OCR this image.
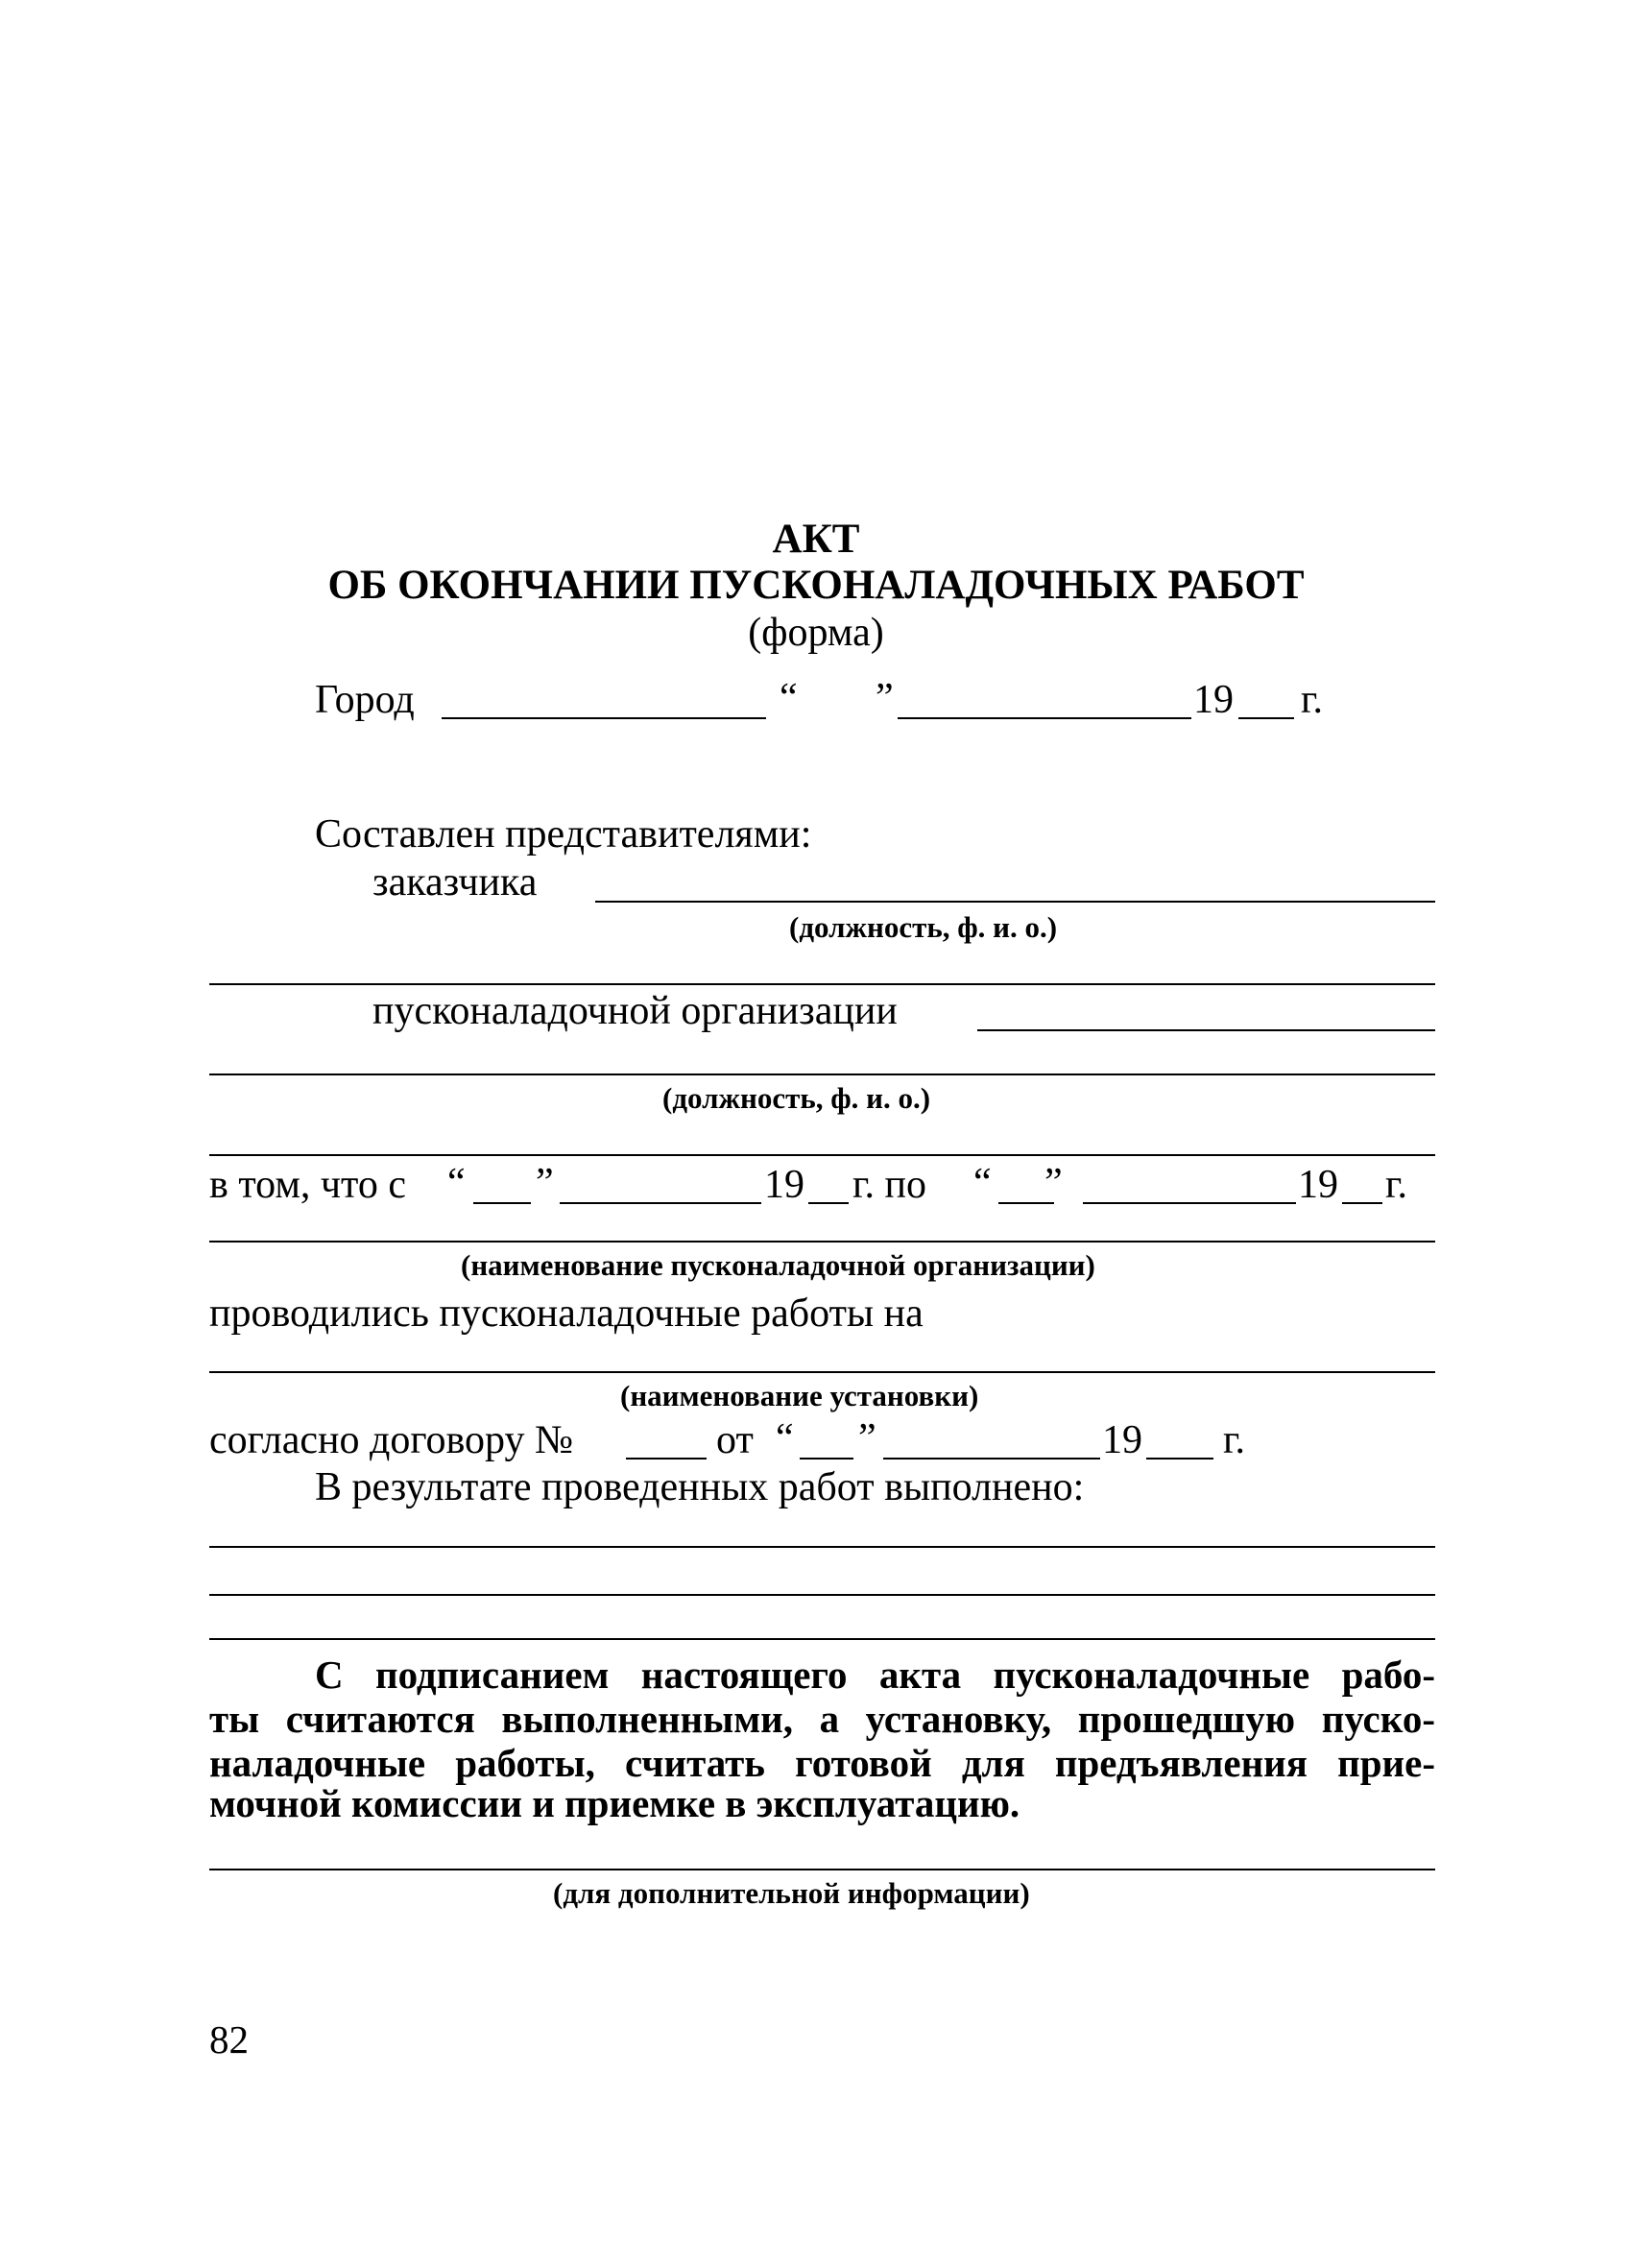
АКТ
ОБ ОКОНЧАНИИ ПУСКОНАЛАДОЧНЫХ РАБОТ
(форма)
Город	“ ”	19 г.
Составлен представителями:
заказчика
(должность, ф. и. о.)
пусконаладочной организации
(должность, ф. и. о.)
в том, что с “ ”	19 г. по “ ”	19 г.
(наименование пусконаладочной организации)
проводились пусконаладочные работы на
(наименование установки)
согласно договору №	от “ ”	19 г.
В результате проведенных работ выполнено:
С подписанием настоящего акта пусконаладочные рабо-
ты считаются выполненными, а установку, прошедшую пуско-
наладочные работы, считать готовой для предъявления прие-
мочной комиссии и приемке в эксплуатацию.
(для дополнительной информации)
82
